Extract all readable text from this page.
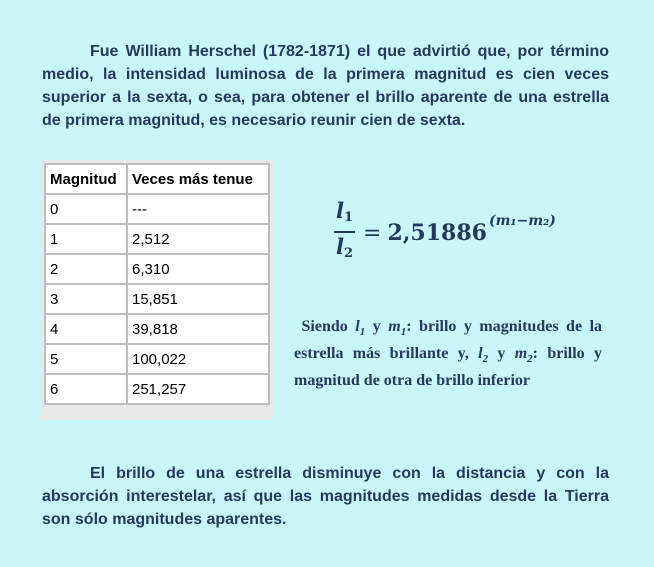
Fue William Herschel (1782-1871) el que advirtió que, por término medio, la intensidad luminosa de la primera magnitud es cien veces superior a la sexta, o sea, para obtener el brillo aparente de una estrella de primera magnitud, es necesario reunir cien de sexta.

Magnitud	Veces más tenue
0	---
1	2,512
2	6,310
3	15,851
4	39,818
5	100,022
6	251,257
$\frac{l_1}{l_2} = 2,51886$ (m₁−m₂)

Siendo $l_1$ y $m_1$: brillo y magnitudes de la estrella más brillante y, $l_2$ y $m_2$: brillo y magnitud de otra de brillo inferior

El brillo de una estrella disminuye con la distancia y con la absorción interestelar, así que las magnitudes medidas desde la Tierra son sólo magnitudes aparentes.
